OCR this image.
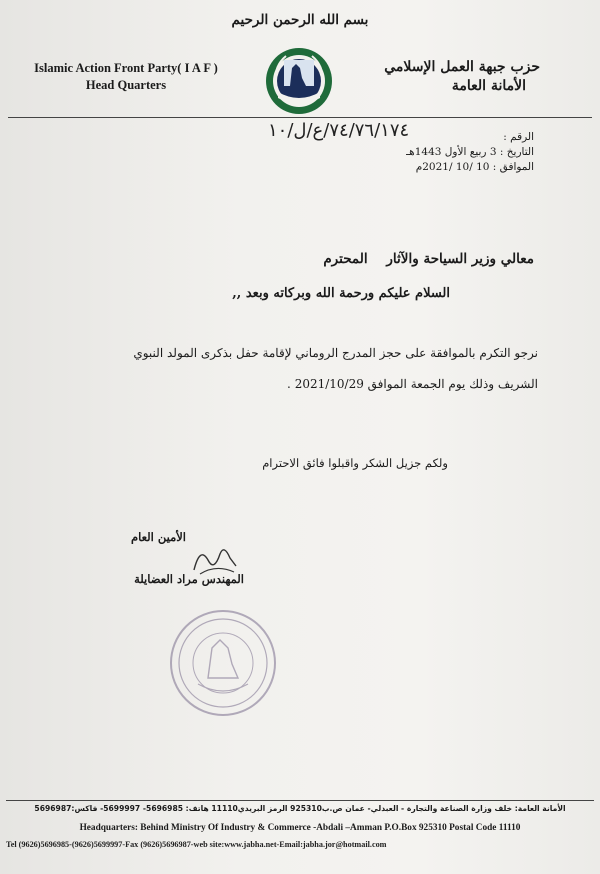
بسم الله الرحمن الرحيم
Islamic Action Front Party( I A F )
Head Quarters
حزب جبهة العمل الإسلامي
الأمانة العامة
الرقم :
التاريخ : 3 ربيع الأول 1443هـ
الموافق : 10 /10 /2021م
٧٤/٧٦/١٧٤/ع/ل/١٠
معالي وزير السياحة والآثار    المحترم
السلام عليكم ورحمة الله وبركاته وبعد ,,
نرجو التكرم بالموافقة على حجز المدرج الروماني لإقامة حفل بذكرى المولد النبوي
الشريف وذلك يوم الجمعة الموافق 2021/10/29 .
ولكم جزيل الشكر واقبلوا فائق الاحترام
الأمين العام
المهندس مراد العضايلة
الأمانة العامة: خلف وزارة الصناعة والتجارة - العبدلي- عمان ص.ب925310 الرمز البريدي11110 هاتف: 5696985- 5699997- فاكس:5696987
Headquarters: Behind Ministry Of Industry & Commerce -Abdali –Amman P.O.Box 925310 Postal Code 11110
Tel (9626)5696985-(9626)5699997-Fax (9626)5696987-web site:www.jabha.net-Email:jabha.jor@hotmail.com
